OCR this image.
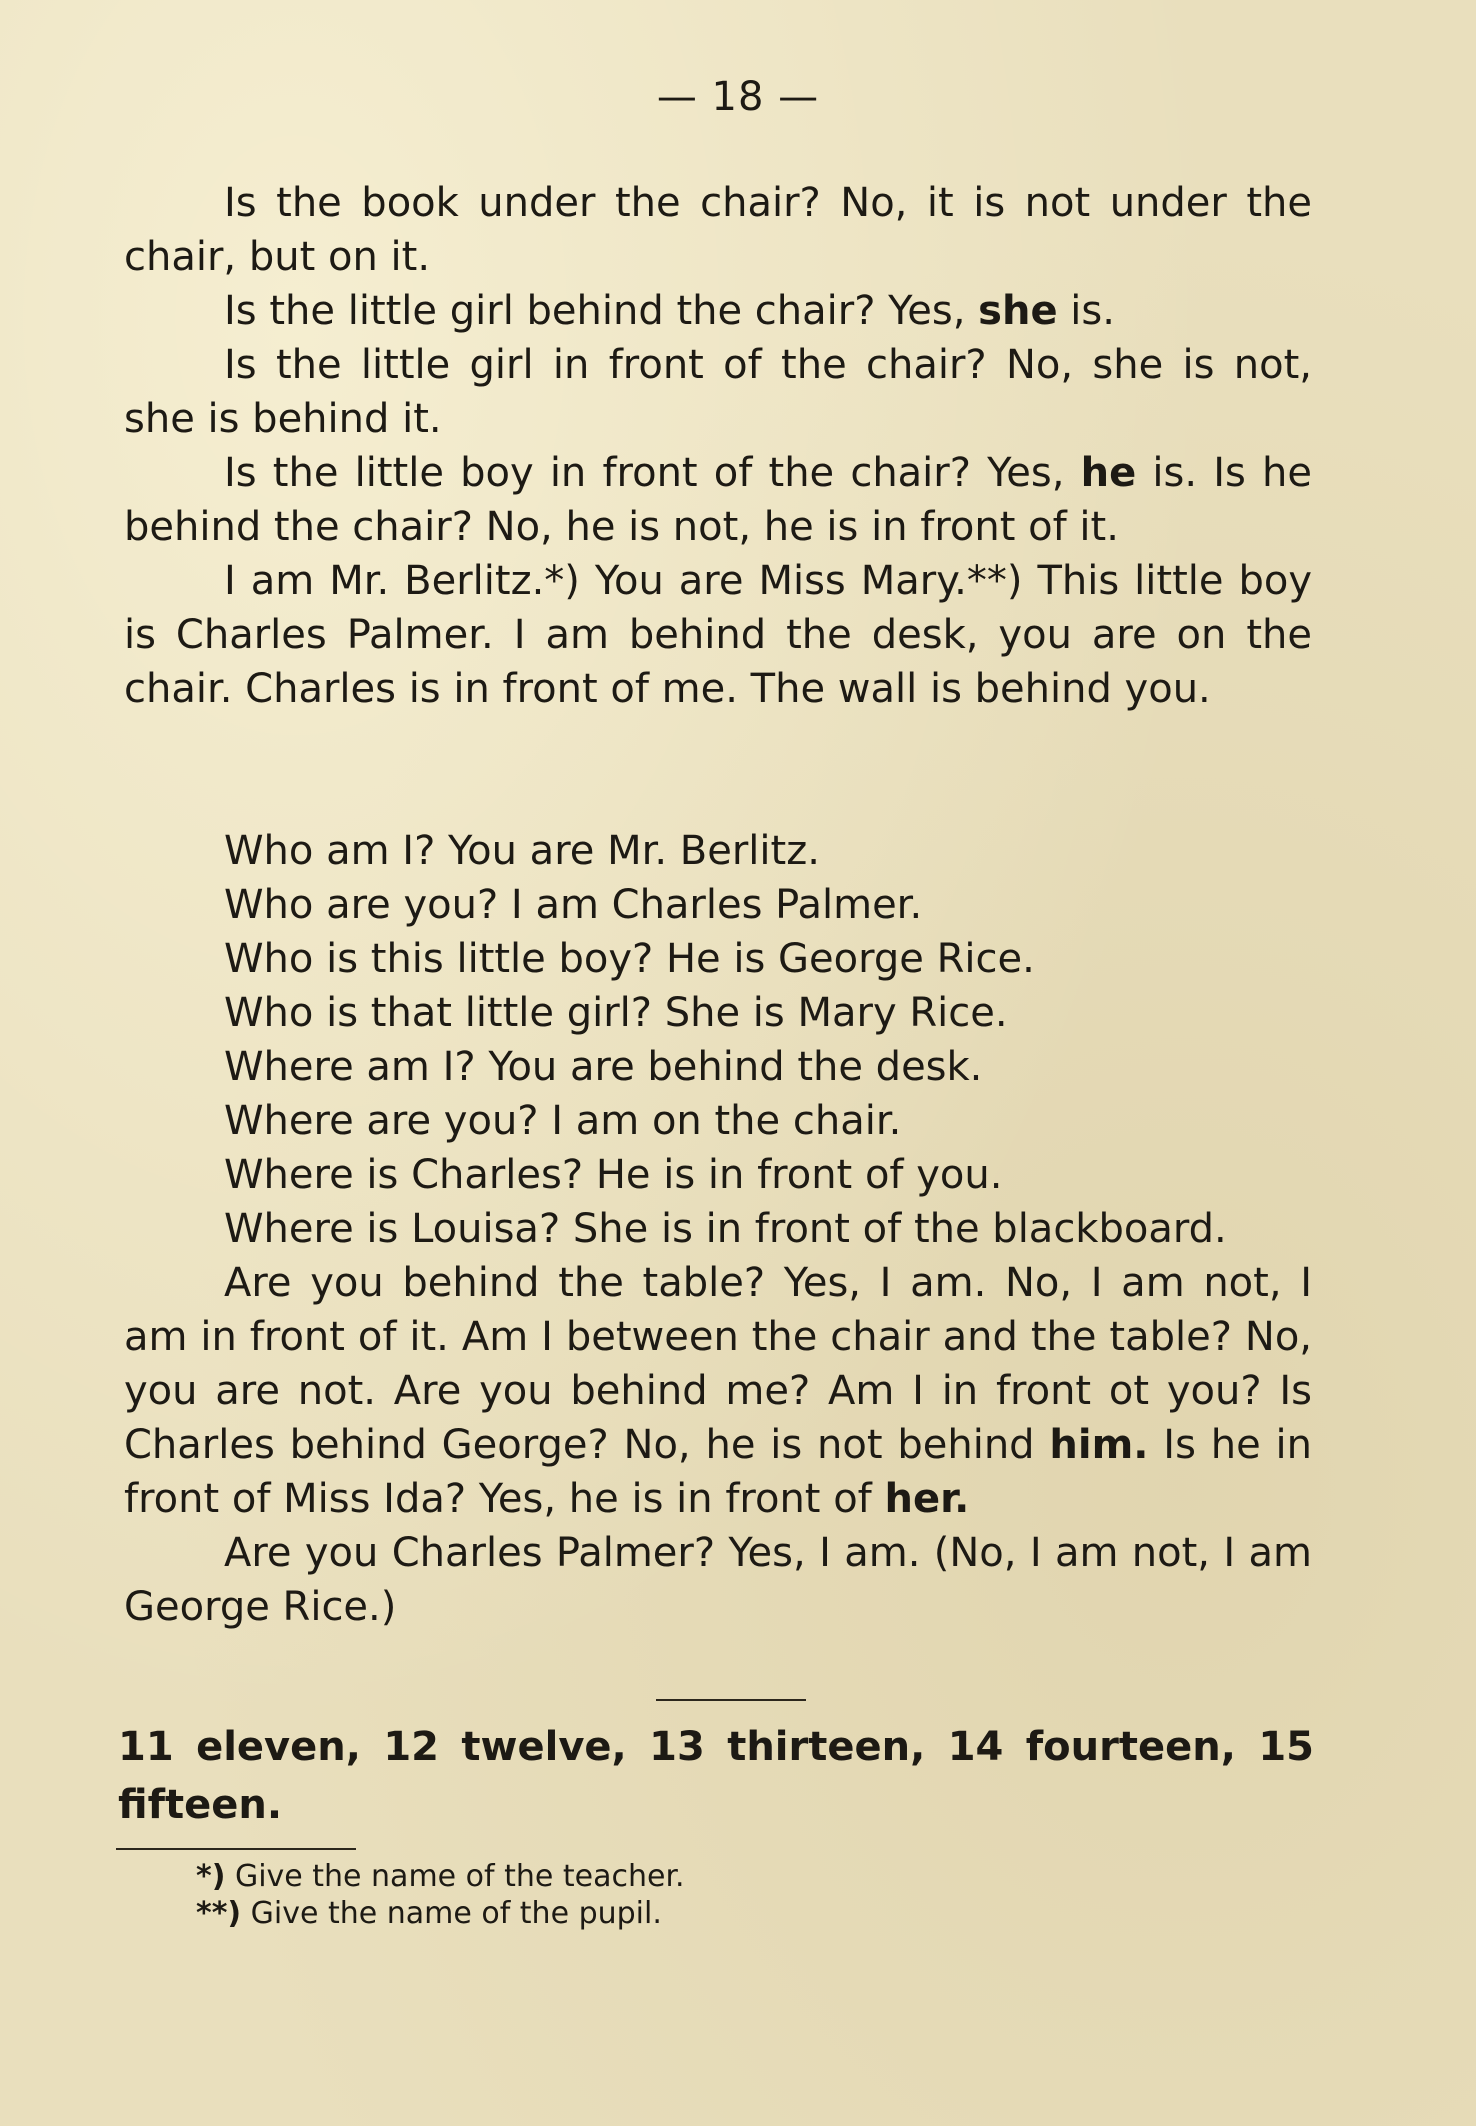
— 18 —

Is the book under the chair? No, it is not under the chair, but on it.

Is the little girl behind the chair? Yes, she is.

Is the little girl in front of the chair? No, she is not, she is behind it.

Is the little boy in front of the chair? Yes, he is. Is he behind the chair? No, he is not, he is in front of it.

I am Mr. Berlitz.*) You are Miss Mary.**) This little boy is Charles Palmer. I am behind the desk, you are on the chair. Charles is in front of me. The wall is behind you.

Who am I? You are Mr. Berlitz.
Who are you? I am Charles Palmer.
Who is this little boy? He is George Rice.
Who is that little girl? She is Mary Rice.
Where am I? You are behind the desk.
Where are you? I am on the chair.
Where is Charles? He is in front of you.
Where is Louisa? She is in front of the blackboard.

Are you behind the table? Yes, I am. No, I am not, I am in front of it. Am I between the chair and the table? No, you are not. Are you behind me? Am I in front ot you? Is Charles behind George? No, he is not behind him. Is he in front of Miss Ida? Yes, he is in front of her.

Are you Charles Palmer? Yes, I am. (No, I am not, I am George Rice.)

11 eleven, 12 twelve, 13 thirteen, 14 fourteen, 15 fifteen.
*) Give the name of the teacher.
**) Give the name of the pupil.
